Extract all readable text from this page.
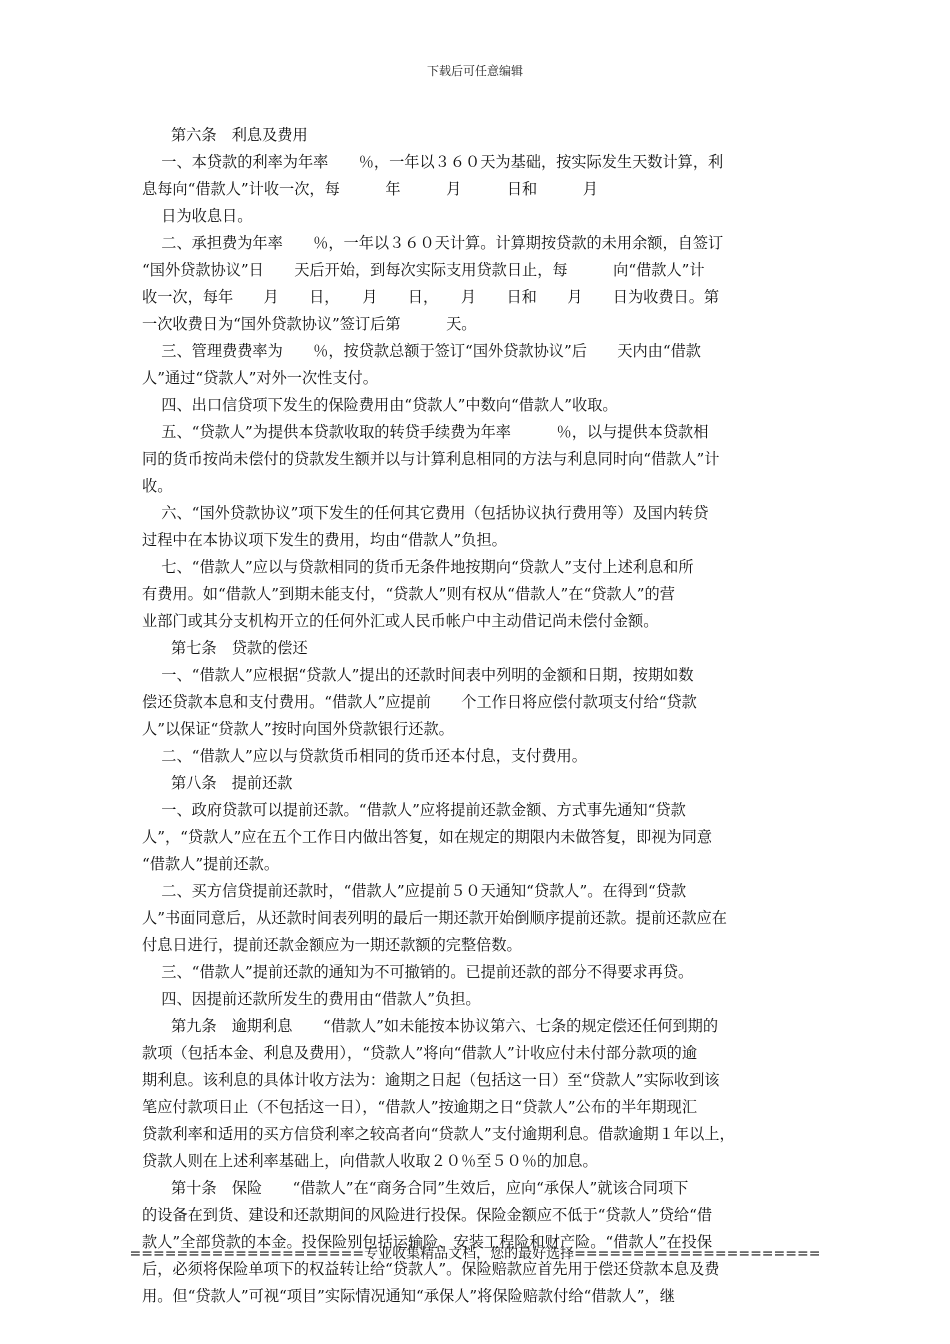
下载后可任意编辑
第六条　利息及费用
一、本贷款的利率为年率　　％，一年以３６０天为基础，按实际发生天数计算，利
息每向“借款人”计收一次，每　　　年　　　月　　　日和　　　月
日为收息日。
二、承担费为年率　　％，一年以３６０天计算。计算期按贷款的未用余额，自签订
“国外贷款协议”日　　天后开始，到每次实际支用贷款日止，每　　　向“借款人”计
收一次，每年　　月　　日，　　月　　日，　　月　　日和　　月　　日为收费日。第
一次收费日为“国外贷款协议”签订后第　　　天。
三、管理费费率为　　％，按贷款总额于签订“国外贷款协议”后　　天内由“借款
人”通过“贷款人”对外一次性支付。
四、出口信贷项下发生的保险费用由“贷款人”中数向“借款人”收取。
五、“贷款人”为提供本贷款收取的转贷手续费为年率　　　％，以与提供本贷款相
同的货币按尚未偿付的贷款发生额并以与计算利息相同的方法与利息同时向“借款人”计
收。
六、“国外贷款协议”项下发生的任何其它费用（包括协议执行费用等）及国内转贷
过程中在本协议项下发生的费用，均由“借款人”负担。
七、“借款人”应以与贷款相同的货币无条件地按期向“贷款人”支付上述利息和所
有费用。如“借款人”到期未能支付，“贷款人”则有权从“借款人”在“贷款人”的营
业部门或其分支机构开立的任何外汇或人民币帐户中主动借记尚未偿付金额。
第七条　贷款的偿还
一、“借款人”应根据“贷款人”提出的还款时间表中列明的金额和日期，按期如数
偿还贷款本息和支付费用。“借款人”应提前　　个工作日将应偿付款项支付给“贷款
人”以保证“贷款人”按时向国外贷款银行还款。
二、“借款人”应以与贷款货币相同的货币还本付息，支付费用。
第八条　提前还款
一、政府贷款可以提前还款。“借款人”应将提前还款金额、方式事先通知“贷款
人”，“贷款人”应在五个工作日内做出答复，如在规定的期限内未做答复，即视为同意
“借款人”提前还款。
二、买方信贷提前还款时，“借款人”应提前５０天通知“贷款人”。在得到“贷款
人”书面同意后，从还款时间表列明的最后一期还款开始倒顺序提前还款。提前还款应在
付息日进行，提前还款金额应为一期还款额的完整倍数。
三、“借款人”提前还款的通知为不可撤销的。已提前还款的部分不得要求再贷。
四、因提前还款所发生的费用由“借款人”负担。
第九条　逾期利息　　“借款人”如未能按本协议第六、七条的规定偿还任何到期的
款项（包括本金、利息及费用），“贷款人”将向“借款人”计收应付未付部分款项的逾
期利息。该利息的具体计收方法为：逾期之日起（包括这一日）至“贷款人”实际收到该
笔应付款项日止（不包括这一日），“借款人”按逾期之日“贷款人”公布的半年期现汇
贷款利率和适用的买方信贷利率之较高者向“贷款人”支付逾期利息。借款逾期１年以上，
贷款人则在上述利率基础上，向借款人收取２０％至５０％的加息。
第十条　保险　　“借款人”在“商务合同”生效后，应向“承保人”就该合同项下
的设备在到货、建设和还款期间的风险进行投保。保险金额应不低于“贷款人”贷给“借
款人”全部贷款的本金。投保险别包括运输险、安装工程险和财产险。“借款人”在投保
后，必须将保险单项下的权益转让给“贷款人”。保险赔款应首先用于偿还贷款本息及费
用。但“贷款人”可视“项目”实际情况通知“承保人”将保险赔款付给“借款人”，继
====================专业收集精品文档，您的最好选择=====================
